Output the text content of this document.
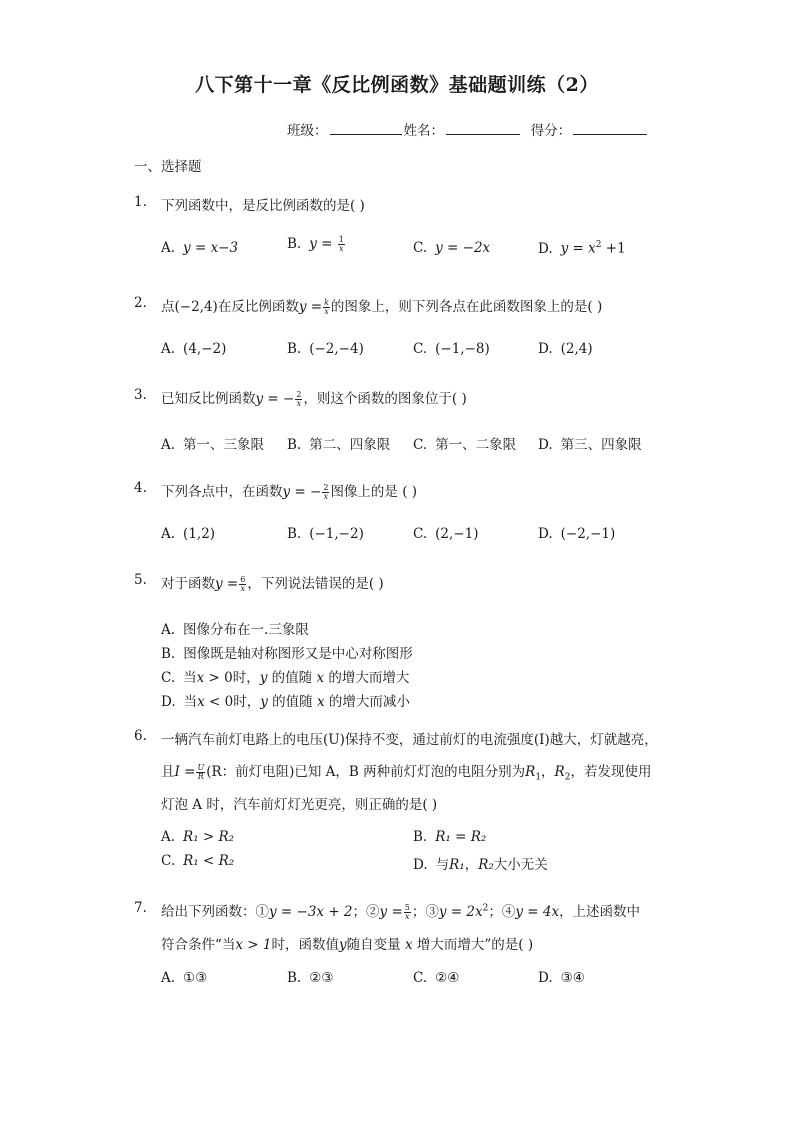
八下第十一章《反比例函数》基础题训练（2）
班级：	姓名：	得分：
一、选择题
1.	下列函数中，是反比例函数的是( )
A. y = x−3	B. $y = \frac{1}{x}$	C. y = −2x	D. $y = x^2 +1$
2.	点(−2,4)在反比例函数$y = \frac{k}{x}$ 的图象上，则下列各点在此函数图象上的是( )
A. (4,−2)	B. (−2,−4)	C. (−1,−8)	D. (2,4)
3.	已知反比例函数y = − $\frac{2}{x}$ ，则这个函数的图象位于( )
A. 第一、三象限 B. 第二、四象限 C. 第一、二象限 D. 第三、四象限
4.	下列各点中，在函数y = − $\frac{2}{x}$ 图像上的是 ( )
A. (1,2)	B. (−1,−2)	C. (2,−1)	D. (−2,−1)
5.	对于函数$y = \frac{6}{x}$ ，下列说法错误的是( )
A. 图像分布在一.三象限
B. 图像既是轴对称图形又是中心对称图形
C. 当x > 0时，y 的值随 x 的增大而增大
D. 当x < 0时，y 的值随 x 的增大而减小
6.	一辆汽车前灯电路上的电压(U)保持不变，通过前灯的电流强度(I)越大，灯就越亮，
且$I = \frac{U}{R} (R$：前灯电阻)已知 A，B 两种前灯灯泡的电阻分别为$R_1$，$R_2$，若发现使用
灯泡 A 时，汽车前灯灯光更亮，则正确的是( )
A. R₁ > R₂	B. R₁ = R₂
C. R₁ < R₂	D. 与R₁，R₂大小无关
7.	给出下列函数：①y = −3x + 2；②y = $\frac{5}{x}$ ；③y = $2x^2$；④y = 4x，上述函数中
符合条件“当x > 1时，函数值y随自变量 x 增大而增大”的是( )
A. ①③	B. ②③	C. ②④	D. ③④
